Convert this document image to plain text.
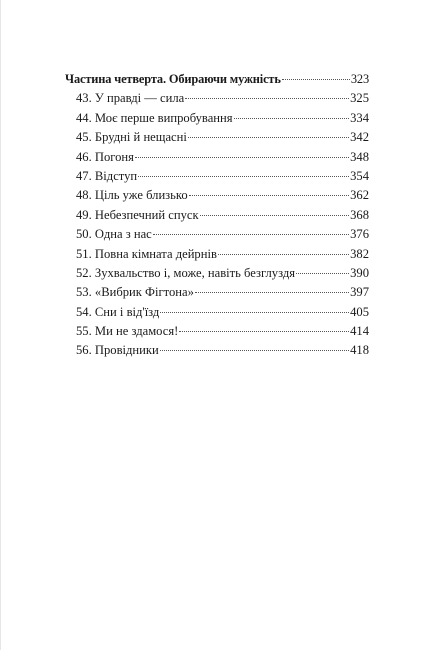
Частина четверта. Обираючи мужність	323
43. У правді — сила	325
44. Моє перше випробування	334
45. Брудні й нещасні	342
46. Погоня	348
47. Відступ	354
48. Ціль уже близько	362
49. Небезпечний спуск	368
50. Одна з нас	376
51. Повна кімната дейрнів	382
52. Зухвальство і, може, навіть безглуздя	390
53. «Вибрик Фігтона»	397
54. Сни і від'їзд	405
55. Ми не здамося!	414
56. Провідники	418
